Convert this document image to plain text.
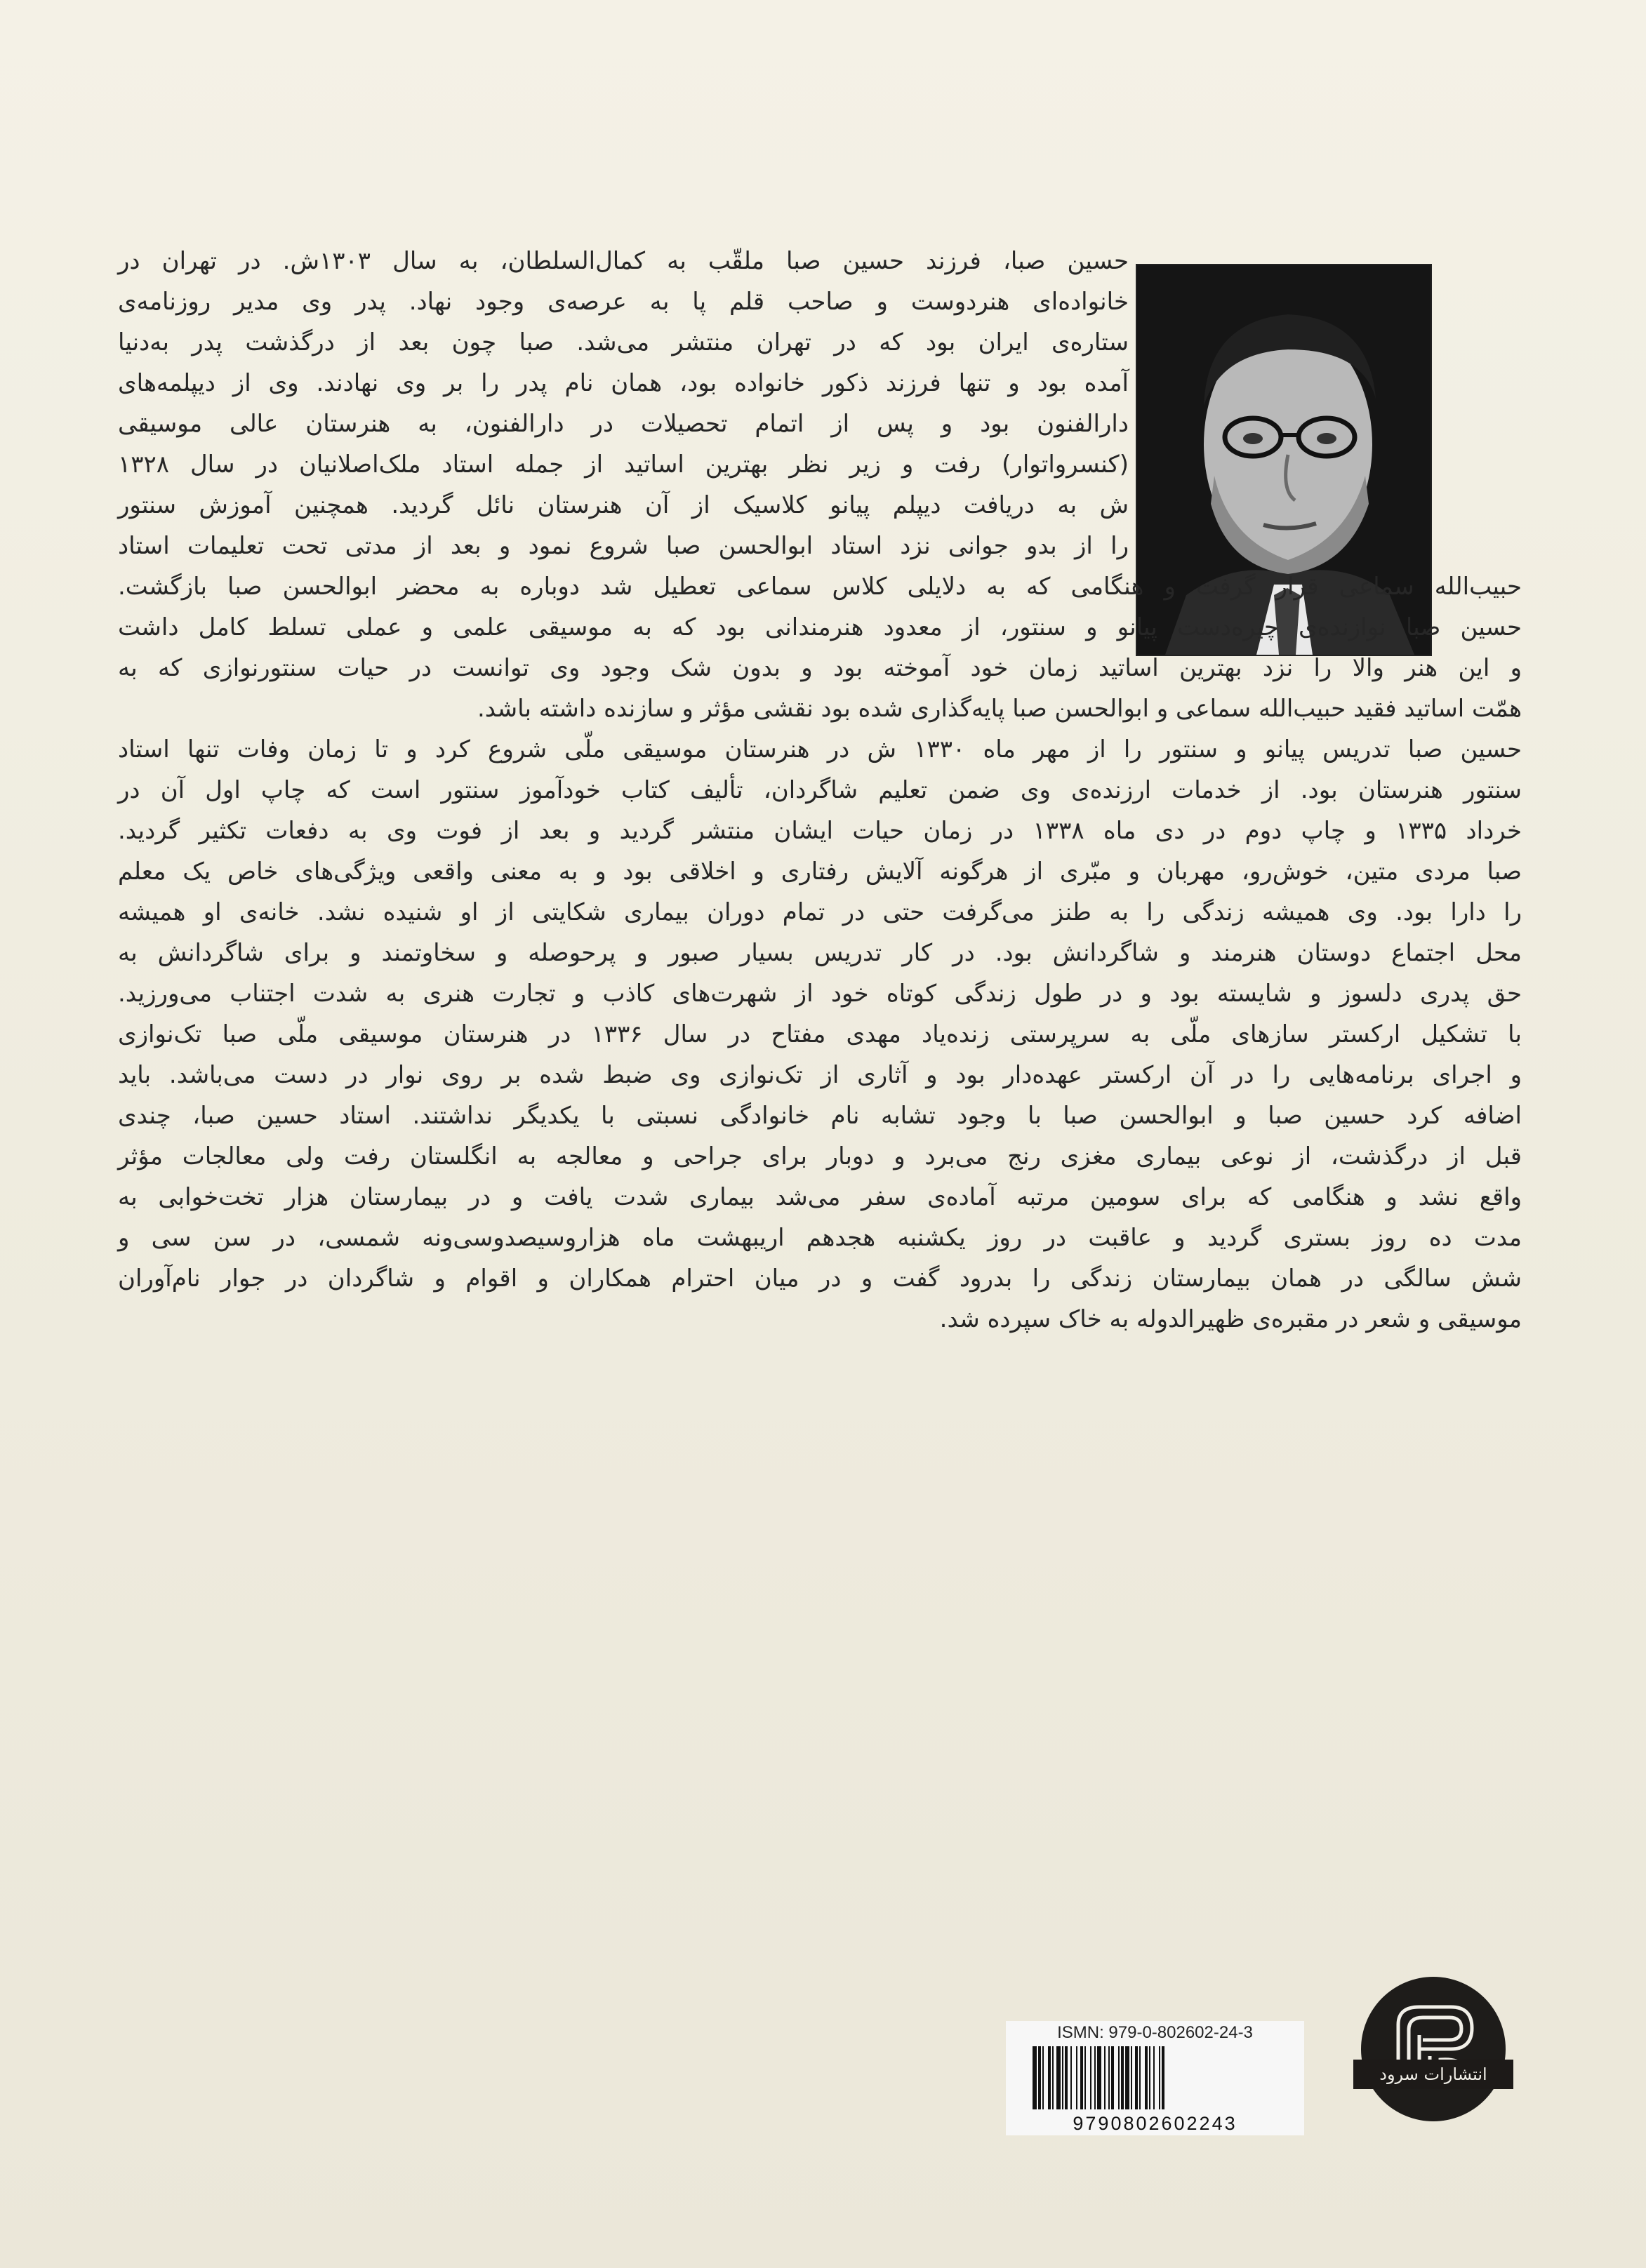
حسین صبا، فرزند حسین صبا ملقّب به کمال‌السلطان، به سال ۱۳۰۳ش. در تهران در
خانواده‌ای هنردوست و صاحب قلم پا به عرصه‌ی وجود نهاد. پدر وی مدیر روزنامه‌ی
ستاره‌ی ایران بود که در تهران منتشر می‌شد. صبا چون بعد از درگذشت پدر به‌دنیا
آمده بود و تنها فرزند ذکور خانواده بود، همان نام پدر را بر وی نهادند. وی از دیپلمه‌های
دارالفنون بود و پس از اتمام تحصیلات در دارالفنون، به هنرستان عالی موسیقی
(کنسرواتوار) رفت و زیر نظر بهترین اساتید از جمله استاد ملک‌اصلانیان در سال ۱۳۲۸
ش به دریافت دیپلم پیانو کلاسیک از آن هنرستان نائل گردید. همچنین آموزش سنتور
را از بدو جوانی نزد استاد ابوالحسن صبا شروع نمود و بعد از مدتی تحت تعلیمات استاد
حبیب‌الله سماعی قرار گرفت و هنگامی که به دلایلی کلاس سماعی تعطیل شد دوباره به محضر ابوالحسن صبا بازگشت.
حسین صبا نوازنده‌ی چیره‌دست پیانو و سنتور، از معدود هنرمندانی بود که به موسیقی علمی و عملی تسلط کامل داشت
و این هنر والا را نزد بهترین اساتید زمان خود آموخته بود و بدون شک وجود وی توانست در حیات سنتورنوازی که به
همّت اساتید فقید حبیب‌الله سماعی و ابوالحسن صبا پایه‌گذاری شده بود نقشی مؤثر و سازنده داشته باشد.
حسین صبا تدریس پیانو و سنتور را از مهر ماه ۱۳۳۰ ش در هنرستان موسیقی ملّی شروع کرد و تا زمان وفات تنها استاد
سنتور هنرستان بود. از خدمات ارزنده‌ی وی ضمن تعلیم شاگردان، تألیف کتاب خودآموز سنتور است که چاپ اول آن در
خرداد ۱۳۳۵ و چاپ دوم در دی ماه ۱۳۳۸ در زمان حیات ایشان منتشر گردید و بعد از فوت وی به دفعات تکثیر گردید.
صبا مردی متین، خوش‌رو، مهربان و مبّری از هرگونه آلایش رفتاری و اخلاقی بود و به معنی واقعی ویژگی‌های خاص یک معلم
را دارا بود. وی همیشه زندگی را به طنز می‌گرفت حتی در تمام دوران بیماری شکایتی از او شنیده نشد. خانه‌ی او همیشه
محل اجتماع دوستان هنرمند و شاگردانش بود. در کار تدریس بسیار صبور و پرحوصله و سخاوتمند و برای شاگردانش به
حق پدری دلسوز و شایسته بود و در طول زندگی کوتاه خود از شهرت‌های کاذب و تجارت هنری به شدت اجتناب می‌ورزید.
با تشکیل ارکستر سازهای ملّی به سرپرستی زنده‌یاد مهدی مفتاح در سال ۱۳۳۶ در هنرستان موسیقی ملّی صبا تک‌نوازی
و اجرای برنامه‌هایی را در آن ارکستر عهده‌دار بود و آثاری از تک‌نوازی وی ضبط شده بر روی نوار در دست می‌باشد. باید
اضافه کرد حسین صبا و ابوالحسن صبا با وجود تشابه نام خانوادگی نسبتی با یکدیگر نداشتند. استاد حسین صبا، چندی
قبل از درگذشت، از نوعی بیماری مغزی رنج می‌برد و دوبار برای جراحی و معالجه به انگلستان رفت ولی معالجات مؤثر
واقع نشد و هنگامی که برای سومین مرتبه آماده‌ی سفر می‌شد بیماری شدت یافت و در بیمارستان هزار تخت‌خوابی به
مدت ده روز بستری گردید و عاقبت در روز یکشنبه هجدهم اریبهشت ماه هزاروسیصدوسی‌ونه شمسی، در سن سی و
شش سالگی در همان بیمارستان زندگی را بدرود گفت و در میان احترام همکاران و اقوام و شاگردان در جوار نام‌آوران
موسیقی و شعر در مقبره‌ی ظهیرالدوله به خاک سپرده شد.
ISMN: 979-0-802602-24-3
9790802602243
انتشارات سرود
